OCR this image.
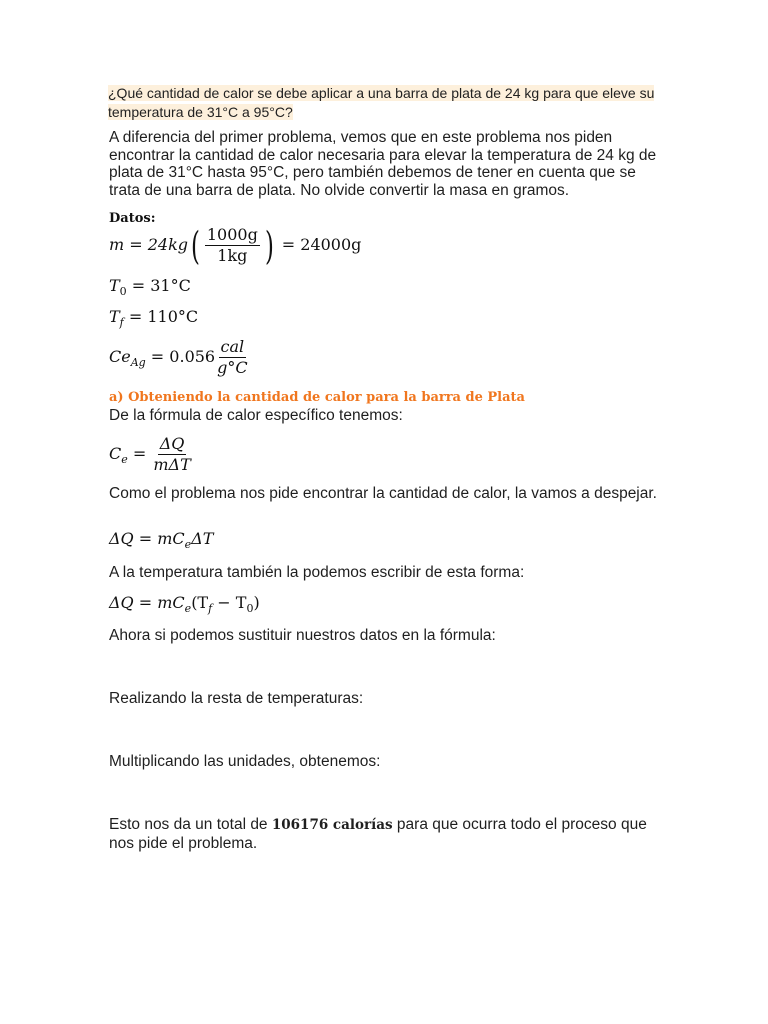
¿Qué cantidad de calor se debe aplicar a una barra de plata de 24 kg para que eleve su temperatura de 31°C a 95°C?
A diferencia del primer problema, vemos que en este problema nos piden encontrar la cantidad de calor necesaria para elevar la temperatura de 24 kg de plata de 31°C hasta 95°C, pero también debemos de tener en cuenta que se trata de una barra de plata. No olvide convertir la masa en gramos.
Datos:
$m = 24kg( \frac{1000g}{1kg}$ ) = 24000g
$T_0 = 31^\circ C$
$T_f = 110^\circ C$
$Ce_{Ag} = 0.056 \frac{\text{cal}}{g^\circ C}$
a) Obteniendo la cantidad de calor para la barra de Plata
De la fórmula de calor específico tenemos:
$C_e = \frac{\Delta Q}{\text{mΔT}}$
Como el problema nos pide encontrar la cantidad de calor, la vamos a despejar.
$\Delta Q = mC_e\Delta T$
A la temperatura también la podemos escribir de esta forma:
$\Delta Q = mC_e(T_f - T_0)$
Ahora si podemos sustituir nuestros datos en la fórmula:
Realizando la resta de temperaturas:
Multiplicando las unidades, obtenemos:
Esto nos da un total de 106176 calorías para que ocurra todo el proceso que nos pide el problema.
